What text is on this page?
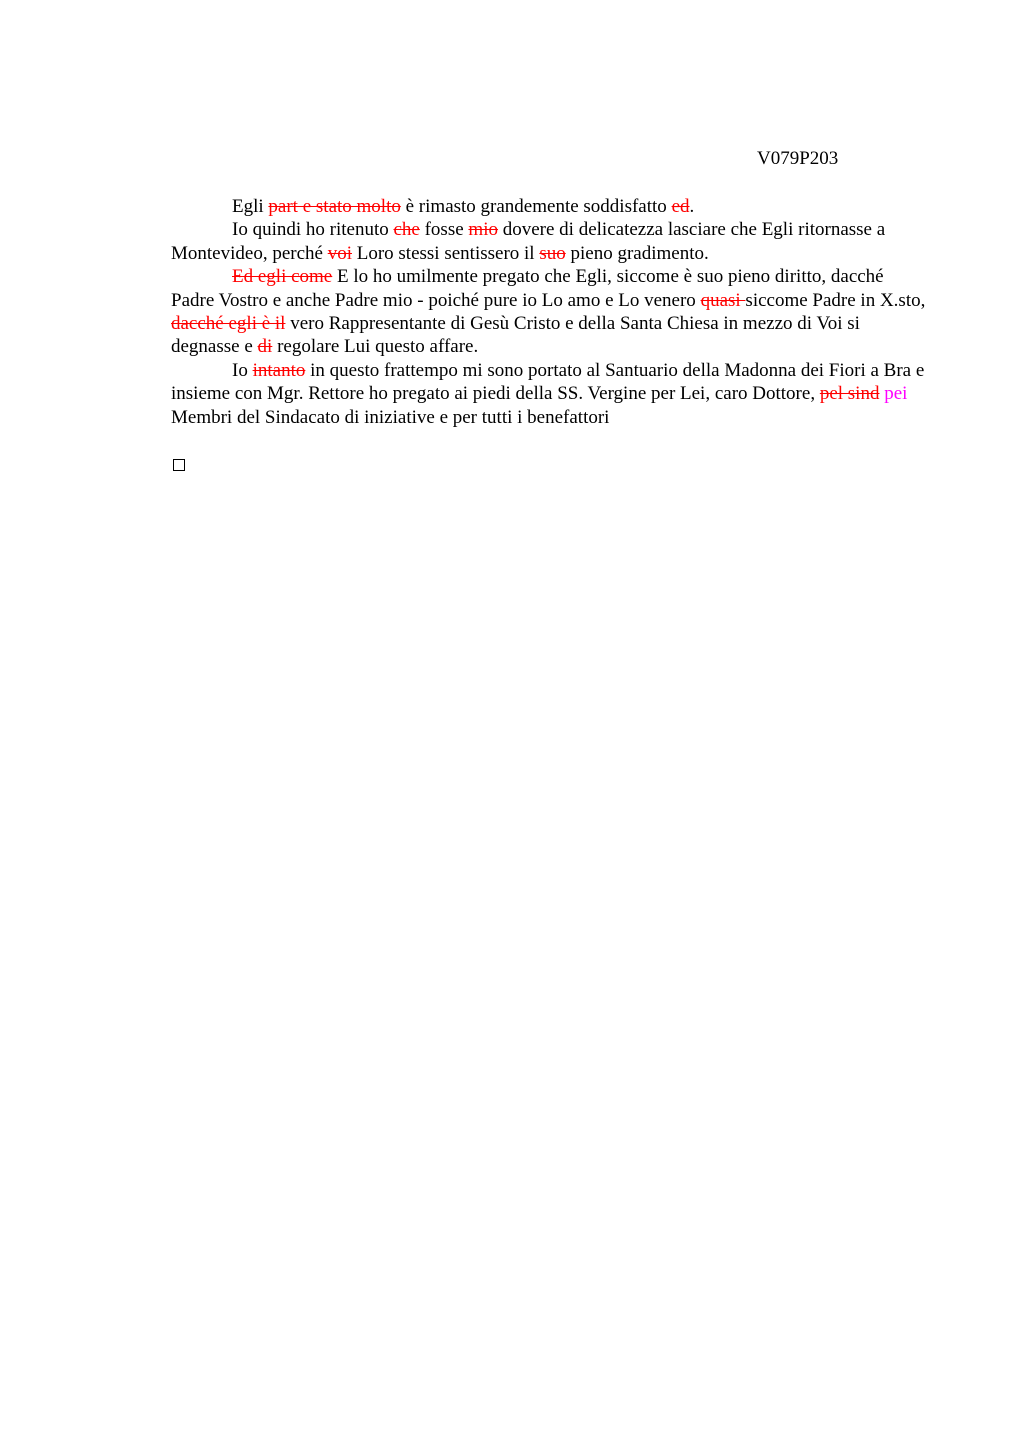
V079P203

Egli part e stato molto è rimasto grandemente soddisfatto ed.

Io quindi ho ritenuto che fosse mio dovere di delicatezza lasciare che Egli ritornasse a Montevideo, perché voi Loro stessi sentissero il suo pieno gradimento.

Ed egli come E lo ho umilmente pregato che Egli, siccome è suo pieno diritto, dacché Padre Vostro e anche Padre mio - poiché pure io Lo amo e Lo venero quasi siccome Padre in X.sto, dacché egli è il vero Rappresentante di Gesù Cristo e della Santa Chiesa in mezzo di Voi si degnasse e di regolare Lui questo affare.

Io intanto in questo frattempo mi sono portato al Santuario della Madonna dei Fiori a Bra e insieme con Mgr. Rettore ho pregato ai piedi della SS. Vergine per Lei, caro Dottore, pel sind pei Membri del Sindacato di iniziative e per tutti i benefattori
